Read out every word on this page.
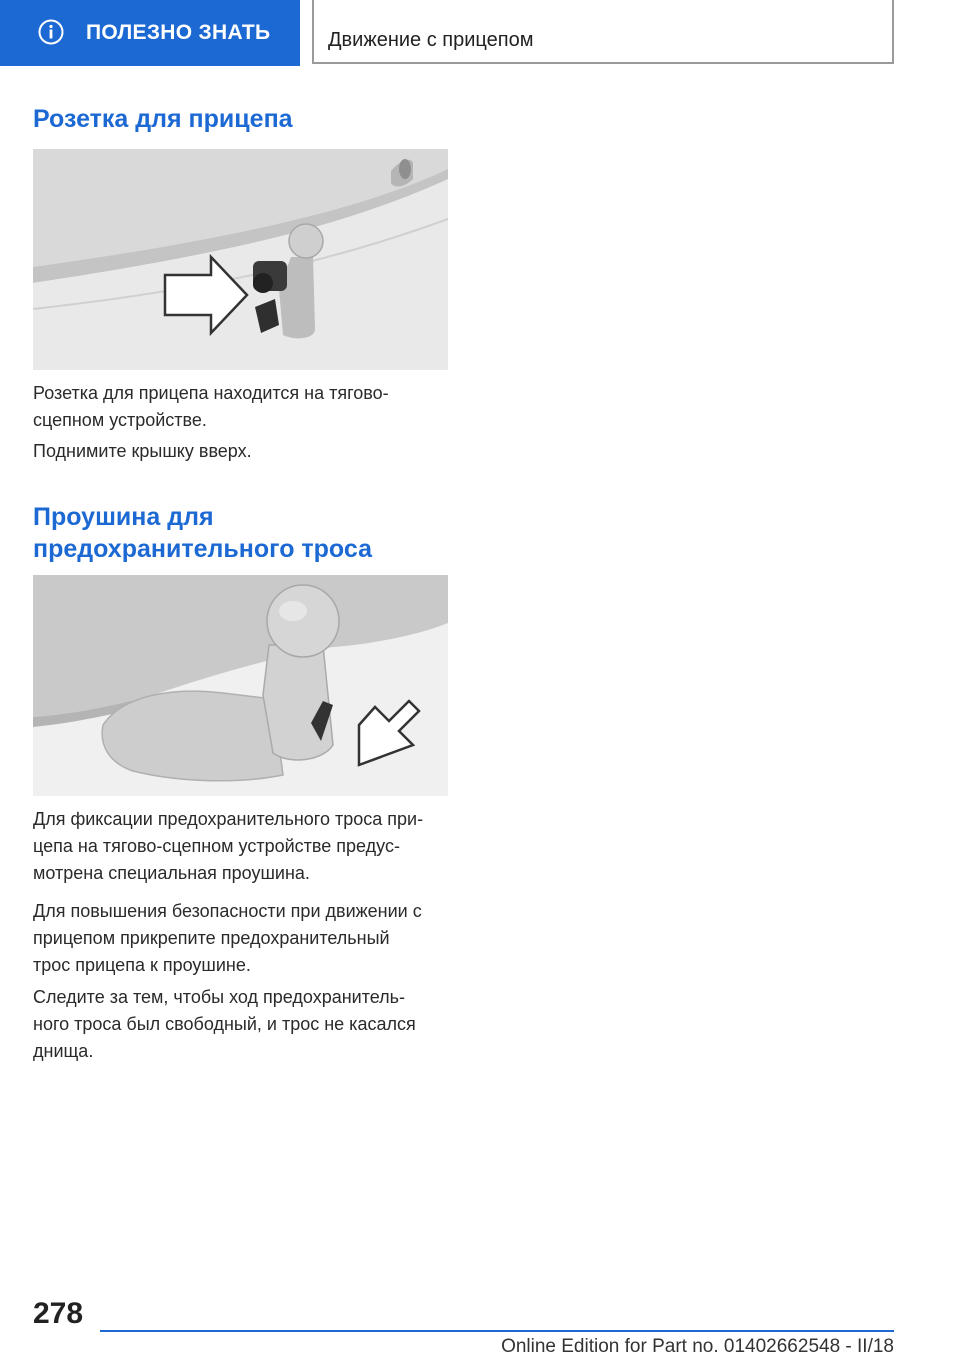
ПОЛЕЗНО ЗНАТЬ	Движение с прицепом
Розетка для прицепа

Розетка для прицепа находится на тягово-
сцепном устройстве.

Поднимите крышку вверх.

Проушина для
предохранительного троса

Для фиксации предохранительного троса при-
цепа на тягово-сцепном устройстве предус-
мотрена специальная проушина.

Для повышения безопасности при движении с
прицепом прикрепите предохранительный
трос прицепа к проушине.

Следите за тем, чтобы ход предохранитель-
ного троса был свободный, и трос не касался
днища.

278
Online Edition for Part no. 01402662548 - II/18
